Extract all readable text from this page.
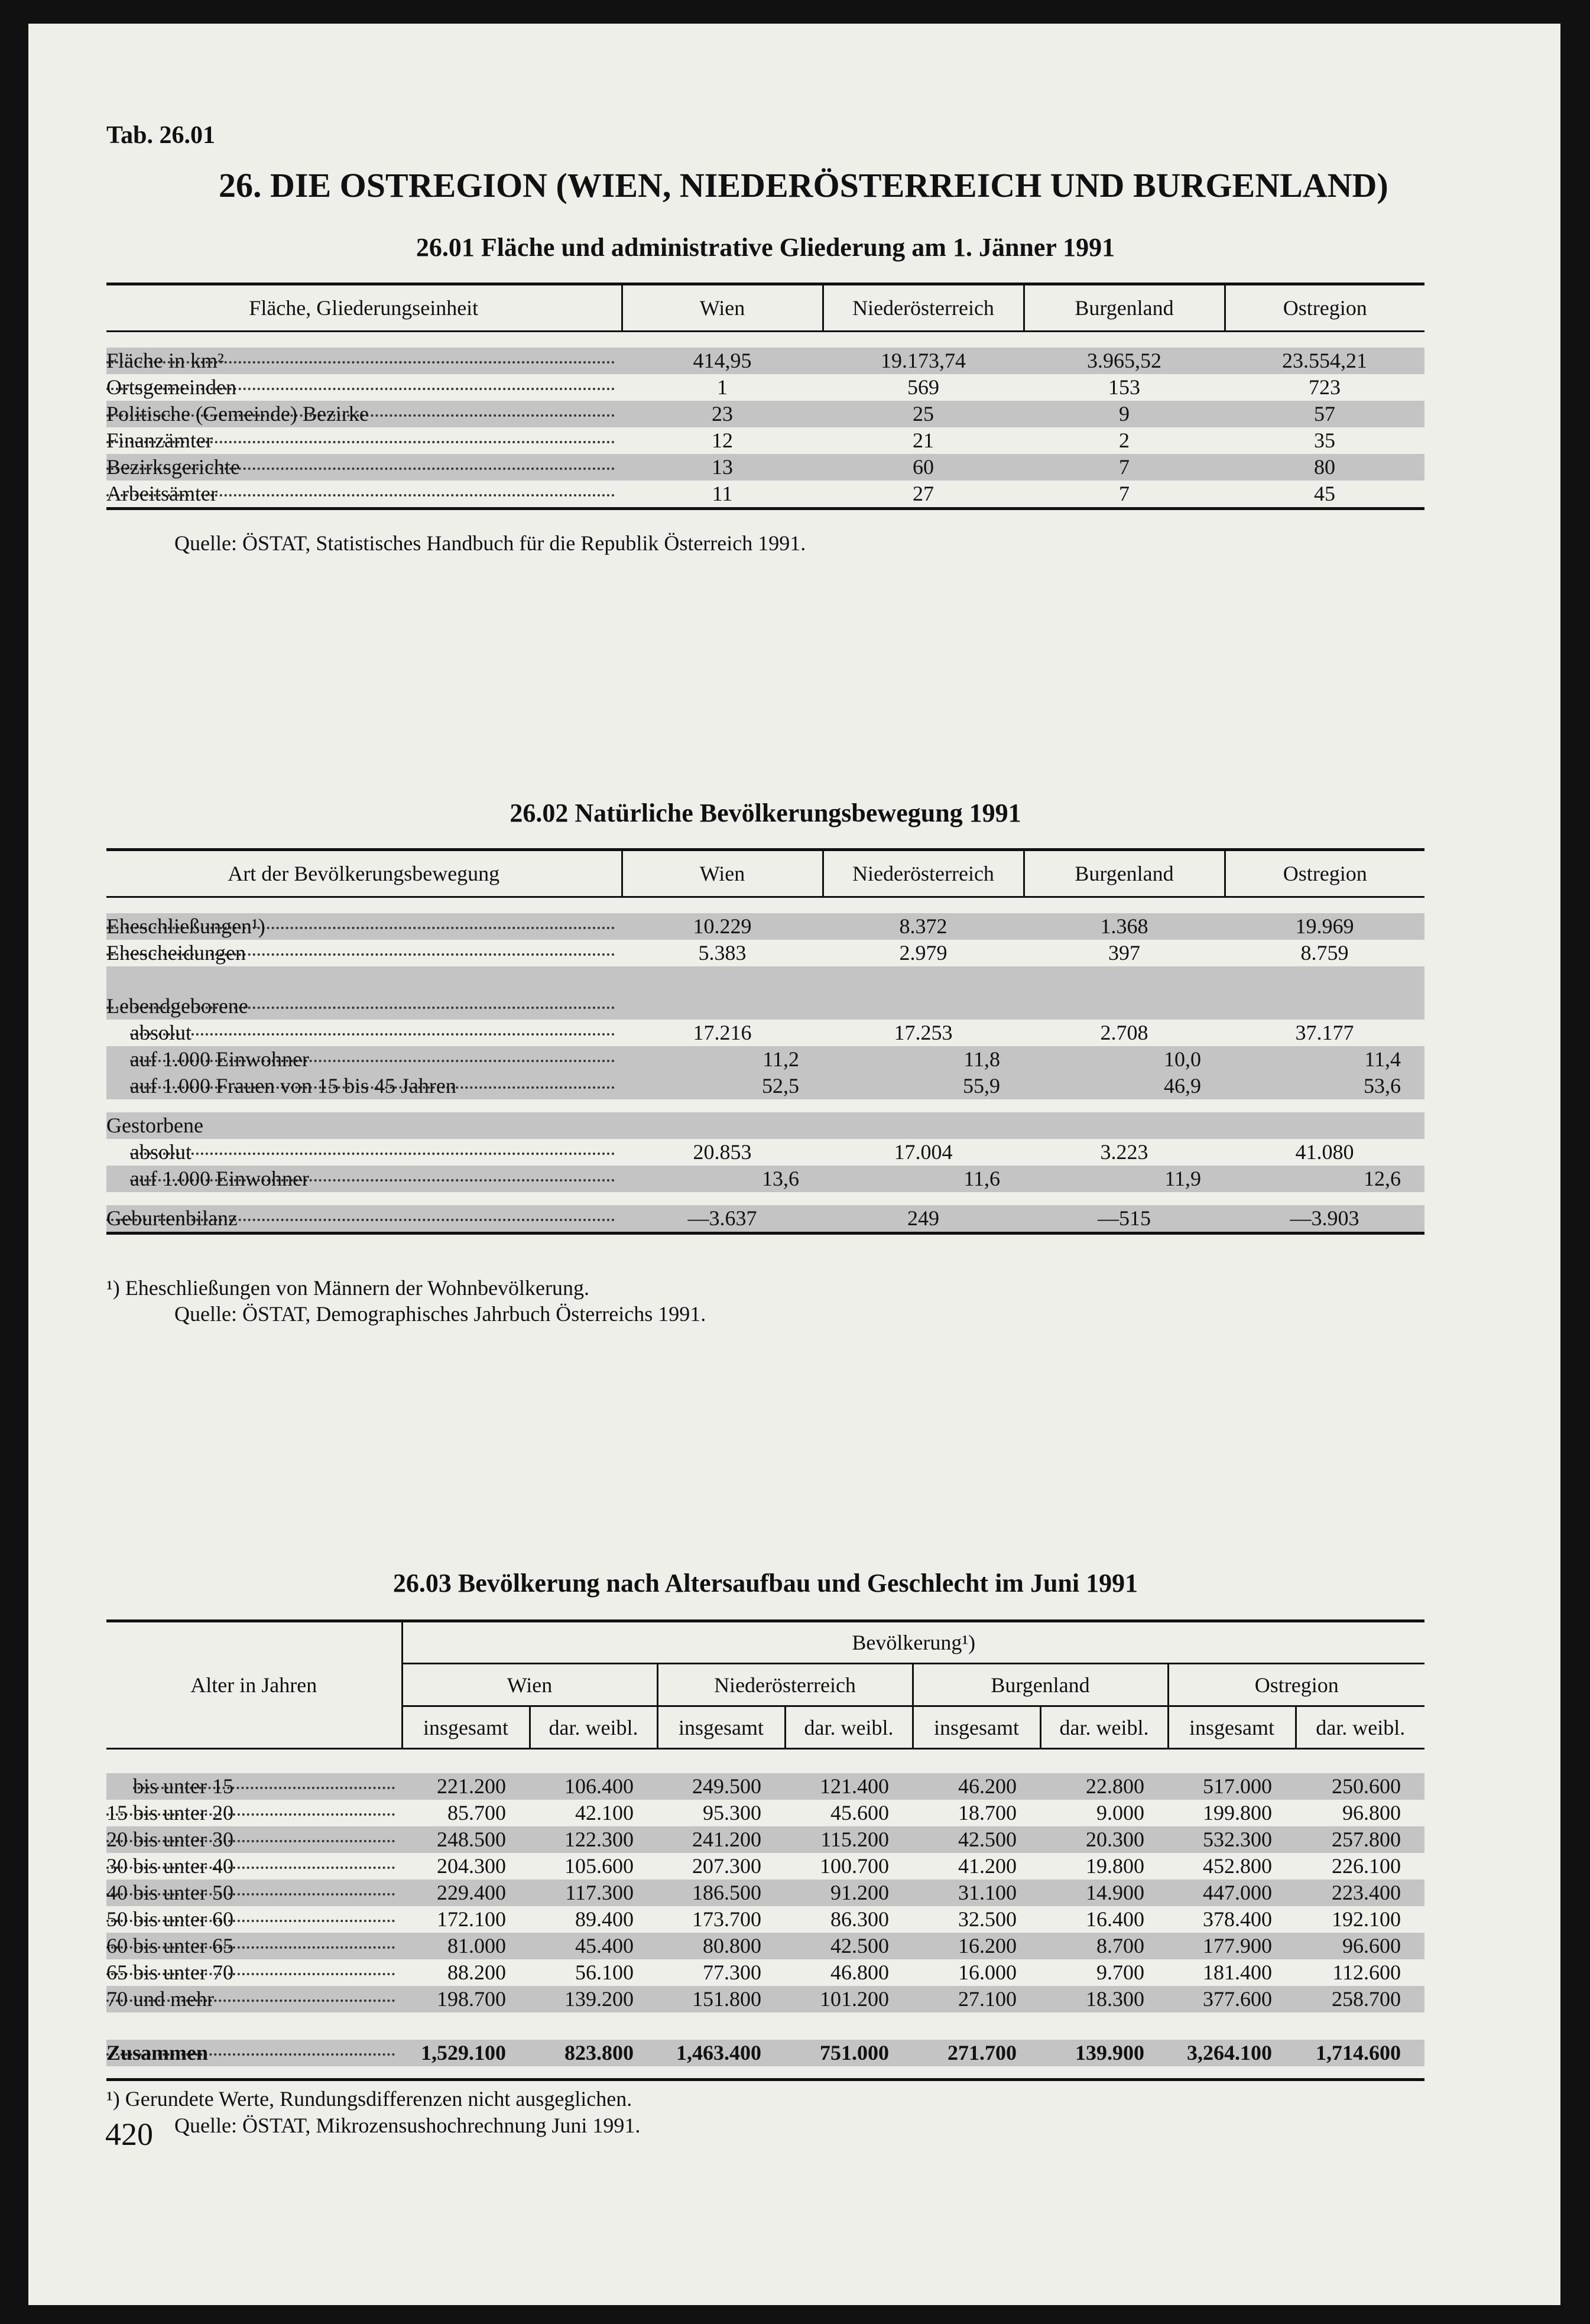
Tab. 26.01
26. DIE OSTREGION (WIEN, NIEDERÖSTERREICH UND BURGENLAND)
26.01 Fläche und administrative Gliederung am 1. Jänner 1991
Fläche, Gliederungseinheit	Wien	Niederösterreich	Burgenland	Ostregion

Fläche in km²	414,95	19.173,74	3.965,52	23.554,21

Ortsgemeinden	1	569	153	723

Politische (Gemeinde) Bezirke	23	25	9	57

Finanzämter	12	21	2	35

Bezirksgerichte	13	60	7	80

Arbeitsämter	11	27	7	45
Quelle: ÖSTAT, Statistisches Handbuch für die Republik Österreich 1991.
26.02 Natürliche Bevölkerungsbewegung 1991
Art der Bevölkerungsbewegung	Wien	Niederösterreich	Burgenland	Ostregion

Eheschließungen¹)	10.229	8.372	1.368	19.969

Ehescheidungen	5.383	2.979	397	8.759

Lebendgeborene				

absolut	17.216	17.253	2.708	37.177

auf 1.000 Einwohner	11,2	11,8	10,0	11,4

auf 1.000 Frauen von 15 bis 45 Jahren	52,5	55,9	46,9	53,6

Gestorbene				

absolut	20.853	17.004	3.223	41.080

auf 1.000 Einwohner	13,6	11,6	11,9	12,6

Geburtenbilanz	—3.637	249	—515	—3.903
¹) Eheschließungen von Männern der Wohnbevölkerung.
Quelle: ÖSTAT, Demographisches Jahrbuch Österreichs 1991.
26.03 Bevölkerung nach Altersaufbau und Geschlecht im Juni 1991
Alter in Jahren	Bevölkerung¹)							
	Wien		Niederösterreich		Burgenland		Ostregion	
	insgesamt	dar. weibl.	insgesamt	dar. weibl.	insgesamt	dar. weibl.	insgesamt	dar. weibl.

bis unter 15	221.200	106.400	249.500	121.400	46.200	22.800	517.000	250.600

15 bis unter 20	85.700	42.100	95.300	45.600	18.700	9.000	199.800	96.800

20 bis unter 30	248.500	122.300	241.200	115.200	42.500	20.300	532.300	257.800

30 bis unter 40	204.300	105.600	207.300	100.700	41.200	19.800	452.800	226.100

40 bis unter 50	229.400	117.300	186.500	91.200	31.100	14.900	447.000	223.400

50 bis unter 60	172.100	89.400	173.700	86.300	32.500	16.400	378.400	192.100

60 bis unter 65	81.000	45.400	80.800	42.500	16.200	8.700	177.900	96.600

65 bis unter 70	88.200	56.100	77.300	46.800	16.000	9.700	181.400	112.600

70 und mehr	198.700	139.200	151.800	101.200	27.100	18.300	377.600	258.700

Zusammen	1,529.100	823.800	1,463.400	751.000	271.700	139.900	3,264.100	1,714.600

¹) Gerundete Werte, Rundungsdifferenzen nicht ausgeglichen.
Quelle: ÖSTAT, Mikrozensushochrechnung Juni 1991.
420
